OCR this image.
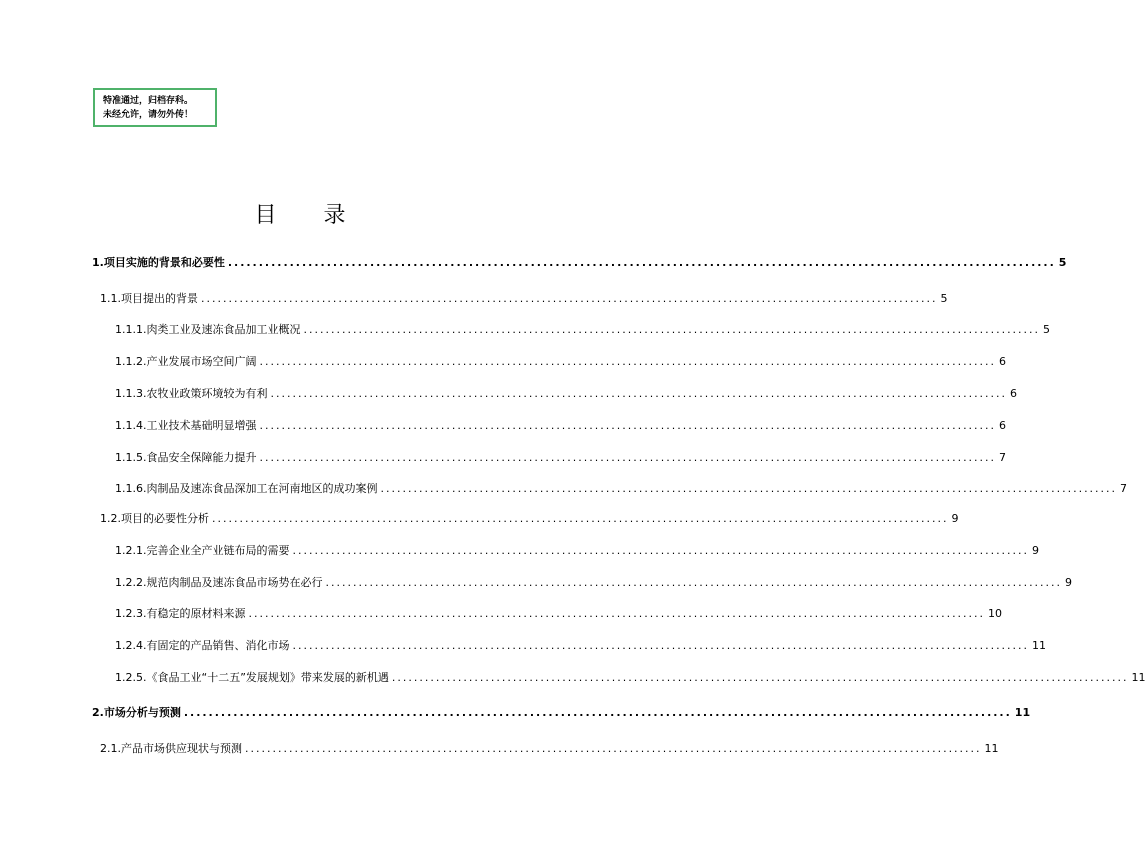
特准通过，归档存科。
未经允许，请勿外传！
目 录
1. 项目实施的背景和必要性 ...................................................................................................................................... 5
1.1. 项目提出的背景 ...................................................................................................................................... 5
1.1.1. 肉类工业及速冻食品加工业概况 ...................................................................................................................................... 5
1.1.2. 产业发展市场空间广阔 ...................................................................................................................................... 6
1.1.3. 农牧业政策环境较为有利 ...................................................................................................................................... 6
1.1.4. 工业技术基础明显增强 ...................................................................................................................................... 6
1.1.5. 食品安全保障能力提升 ...................................................................................................................................... 7
1.1.6. 肉制品及速冻食品深加工在河南地区的成功案例 ...................................................................................................................................... 7
1.2. 项目的必要性分析 ...................................................................................................................................... 9
1.2.1. 完善企业全产业链布局的需要 ...................................................................................................................................... 9
1.2.2. 规范肉制品及速冻食品市场势在必行 ...................................................................................................................................... 9
1.2.3. 有稳定的原材料来源 ...................................................................................................................................... 10
1.2.4. 有固定的产品销售、消化市场 ...................................................................................................................................... 11
1.2.5. 《食品工业“十二五”发展规划》带来发展的新机遇 ...................................................................................................................................... 11
2. 市场分析与预测 ...................................................................................................................................... 11
2.1. 产品市场供应现状与预测 ...................................................................................................................................... 11
